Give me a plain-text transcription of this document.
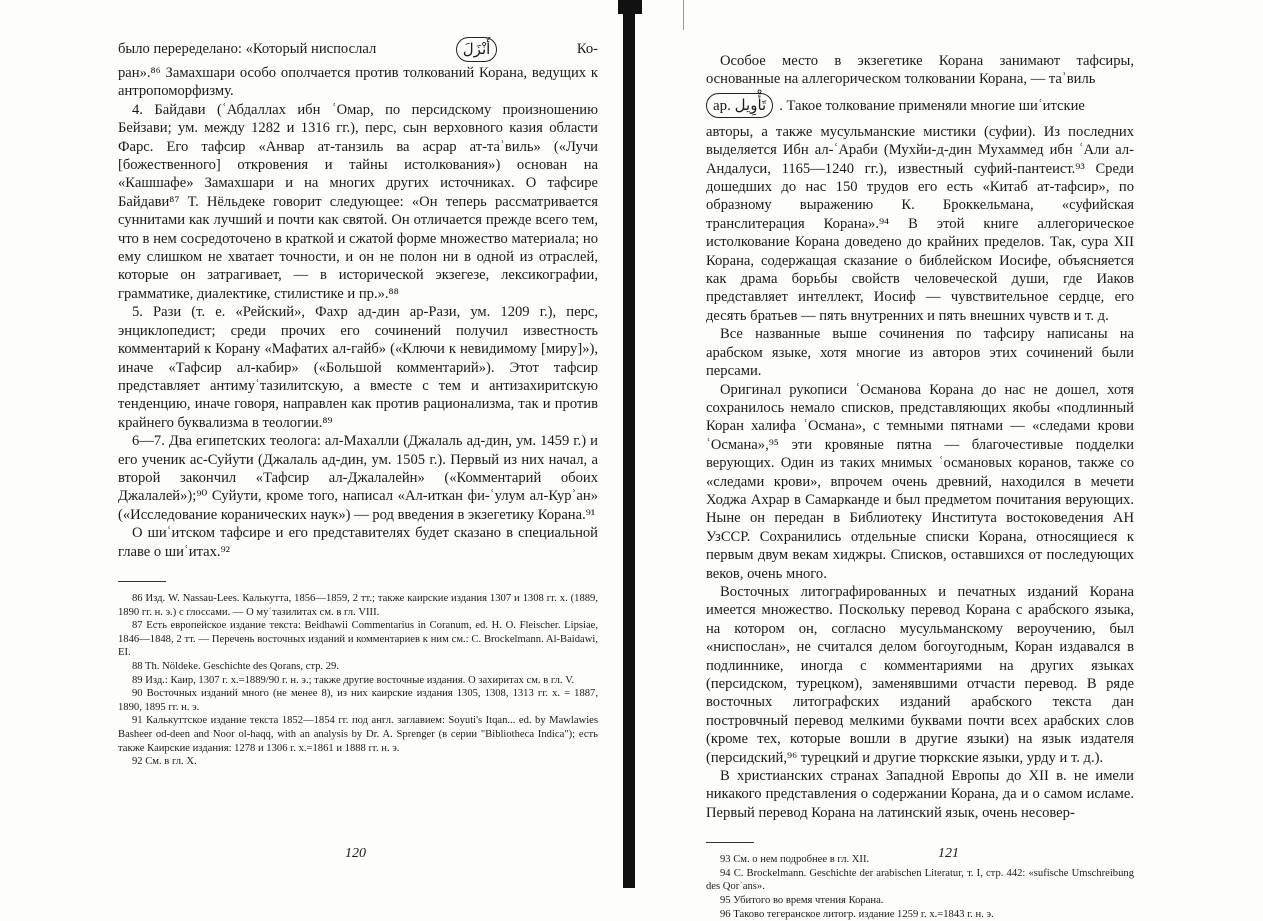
было переределано: «Который ниспослал	أَنْزَلَ	Ко-

ран».⁸⁶ Замахшари особо ополчается против толкований Корана, ведущих к антропоморфизму.

4. Байдави (ʿАбдаллах ибн ʿОмар, по персидскому произношению Бейзави; ум. между 1282 и 1316 гг.), перс, сын верховного казия области Фарс. Его тафсир «Анвар ат-танзиль ва асрар ат-таʾвиль» («Лучи [божественного] откровения и тайны истолкования») основан на «Кашшафе» Замахшари и на многих других источниках. О тафсире Байдави⁸⁷ Т. Нёльдеке говорит следующее: «Он теперь рассматривается суннитами как лучший и почти как святой. Он отличается прежде всего тем, что в нем сосредоточено в краткой и сжатой форме множество материала; но ему слишком не хватает точности, и он не полон ни в одной из отраслей, которые он затрагивает, — в исторической экзегезе, лексикографии, грамматике, диалектике, стилистике и пр.».⁸⁸

5. Рази (т. е. «Рейский», Фахр ад-дин ар-Рази, ум. 1209 г.), перс, энциклопедист; среди прочих его сочинений получил известность комментарий к Корану «Мафатих ал-гайб» («Ключи к невидимому [миру]»), иначе «Тафсир ал-кабир» («Большой комментарий»). Этот тафсир представляет антимуʿтазилитскую, а вместе с тем и антизахиритскую тенденцию, иначе говоря, направлен как против рационализма, так и против крайнего буквализма в теологии.⁸⁹

6—7. Два египетских теолога: ал-Махалли (Джалаль ад-дин, ум. 1459 г.) и его ученик ас-Суйути (Джалаль ад-дин, ум. 1505 г.). Первый из них начал, а второй закончил «Тафсир ал-Джалалейн» («Комментарий обоих Джалалей»);⁹⁰ Суйути, кроме того, написал «Ал-иткан фи-ʿулум ал-Курʾан» («Исследование коранических наук») — род введения в экзегетику Корана.⁹¹

О шиʿитском тафсире и его представителях будет сказано в специальной главе о шиʿитах.⁹²

86 Изд. W. Nassau-Lees. Калькутта, 1856—1859, 2 тт.; также каирские издания 1307 и 1308 гг. х. (1889, 1890 гг. н. э.) с глоссами. — О муʿтазилитах см. в гл. VIII.

87 Есть европейское издание текста: Beidhawii Commentarius in Coranum, ed. H. O. Fleischer. Lipsiae, 1846—1848, 2 тт. — Перечень восточных изданий и комментариев к ним см.: C. Brockelmann. Al-Baidawi, EI.

88 Th. Nöldeke. Geschichte des Qorans, стр. 29.

89 Изд.: Каир, 1307 г. х.=1889/90 г. н. э.; также другие восточные издания. О захиритах см. в гл. V.

90 Восточных изданий много (не менее 8), из них каирские издания 1305, 1308, 1313 гг. х. = 1887, 1890, 1895 гг. н. э.

91 Калькуттское издание текста 1852—1854 гг. под англ. заглавием: Soyuti's Itqan... ed. by Mawlawies Basheer od-deen and Noor ol-haqq, with an analysis by Dr. A. Sprenger (в серии "Bibliotheca Indica"); есть также Каирские издания: 1278 и 1306 г. х.=1861 и 1888 гг. н. э.

92 См. в гл. X.

120

Особое место в экзегетике Корана занимают тафсиры, основанные на аллегорическом толковании Корана, — таʾвиль

ар. تَأْوِيل . Такое толкование применяли многие шиʿитские

авторы, а также мусульманские мистики (суфии). Из последних выделяется Ибн ал-ʿАраби (Мухйи-д-дин Мухаммед ибн ʿАли ал-Андалуси, 1165—1240 гг.), известный суфий-пантеист.⁹³ Среди дошедших до нас 150 трудов его есть «Китаб ат-тафсир», по образному выражению К. Броккельмана, «суфийская транслитерация Корана».⁹⁴ В этой книге аллегорическое истолкование Корана доведено до крайних пределов. Так, сура XII Корана, содержащая сказание о библейском Иосифе, объясняется как драма борьбы свойств человеческой души, где Иаков представляет интеллект, Иосиф — чувствительное сердце, его десять братьев — пять внутренних и пять внешних чувств и т. д.

Все названные выше сочинения по тафсиру написаны на арабском языке, хотя многие из авторов этих сочинений были персами.

Оригинал рукописи ʿОсманова Корана до нас не дошел, хотя сохранилось немало списков, представляющих якобы «подлинный Коран халифа ʿОсмана», с темными пятнами — «следами крови ʿОсмана»,⁹⁵ эти кровяные пятна — благочестивые подделки верующих. Один из таких мнимых ʿосмановых коранов, также со «следами крови», впрочем очень древний, находился в мечети Ходжа Ахрар в Самарканде и был предметом почитания верующих. Ныне он передан в Библиотеку Института востоковедения АН УзССР. Сохранились отдельные списки Корана, относящиеся к первым двум векам хиджры. Списков, оставшихся от последующих веков, очень много.

Восточных литографированных и печатных изданий Корана имеется множество. Поскольку перевод Корана с арабского языка, на котором он, согласно мусульманскому вероучению, был «ниспослан», не считался делом богоугодным, Коран издавался в подлиннике, иногда с комментариями на других языках (персидском, турецком), заменявшими отчасти перевод. В ряде восточных литографских изданий арабского текста дан постровчный перевод мелкими буквами почти всех арабских слов (кроме тех, которые вошли в другие языки) на язык издателя (персидский,⁹⁶ турецкий и другие тюркские языки, урду и т. д.).

В христианских странах Западной Европы до XII в. не имели никакого представления о содержании Корана, да и о самом исламе. Первый перевод Корана на латинский язык, очень несовер-

93 См. о нем подробнее в гл. XII.

94 C. Brockelmann. Geschichte der arabischen Literatur, т. I, стр. 442: «sufische Umschreibung des Qorʾans».

95 Убитого во время чтения Корана.

96 Таково тегеранское литогр. издание 1259 г. х.=1843 г. н. э.

121
